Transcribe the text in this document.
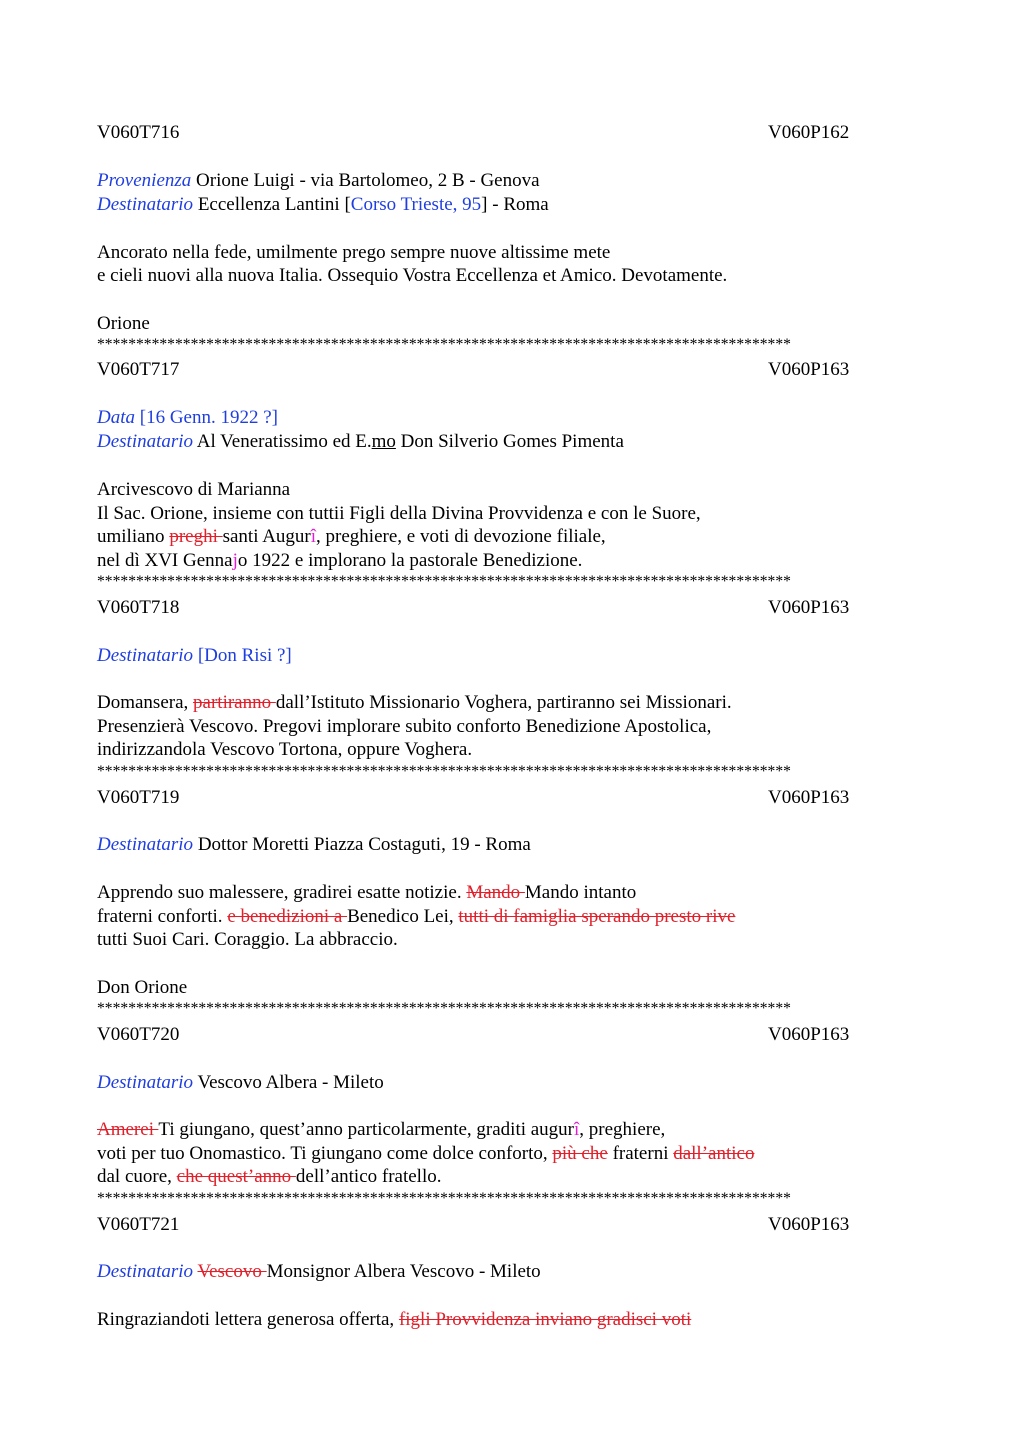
V060T716	V060P162
Provenienza Orione Luigi - via Bartolomeo, 2 B - Genova
Destinatario Eccellenza Lantini [Corso Trieste, 95] - Roma
Ancorato nella fede, umilmente prego sempre nuove altissime mete
e cieli nuovi alla nuova Italia. Ossequio Vostra Eccellenza et Amico. Devotamente.
Orione
*****************************************************************************************
V060T717	V060P163
Data [16 Genn. 1922 ?]
Destinatario Al Veneratissimo ed E.mo Don Silverio Gomes Pimenta
Arcivescovo di Marianna
Il Sac. Orione, insieme con tuttii Figli della Divina Provvidenza e con le Suore,
umiliano preghi santi Augurî, preghiere, e voti di devozione filiale,
nel dì XVI Gennajo 1922 e implorano la pastorale Benedizione.
*****************************************************************************************
V060T718	V060P163
Destinatario [Don Risi ?]
Domansera, partiranno dall’Istituto Missionario Voghera, partiranno sei Missionari.
Presenzierà Vescovo. Pregovi implorare subito conforto Benedizione Apostolica,
indirizzandola Vescovo Tortona, oppure Voghera.
*****************************************************************************************
V060T719	V060P163
Destinatario Dottor Moretti Piazza Costaguti, 19 - Roma
Apprendo suo malessere, gradirei esatte notizie. Mando Mando intanto
fraterni conforti. e benedizioni a Benedico Lei, tutti di famiglia sperando presto rive
tutti Suoi Cari. Coraggio. La abbraccio.
Don Orione
*****************************************************************************************
V060T720	V060P163
Destinatario Vescovo Albera - Mileto
Amerei Ti giungano, quest’anno particolarmente, graditi augurî, preghiere,
voti per tuo Onomastico. Ti giungano come dolce conforto, più che fraterni dall’antico
dal cuore, che quest’anno dell’antico fratello.
*****************************************************************************************
V060T721	V060P163
Destinatario Vescovo Monsignor Albera Vescovo - Mileto
Ringraziandoti lettera generosa offerta, figli Provvidenza inviano gradisci voti
